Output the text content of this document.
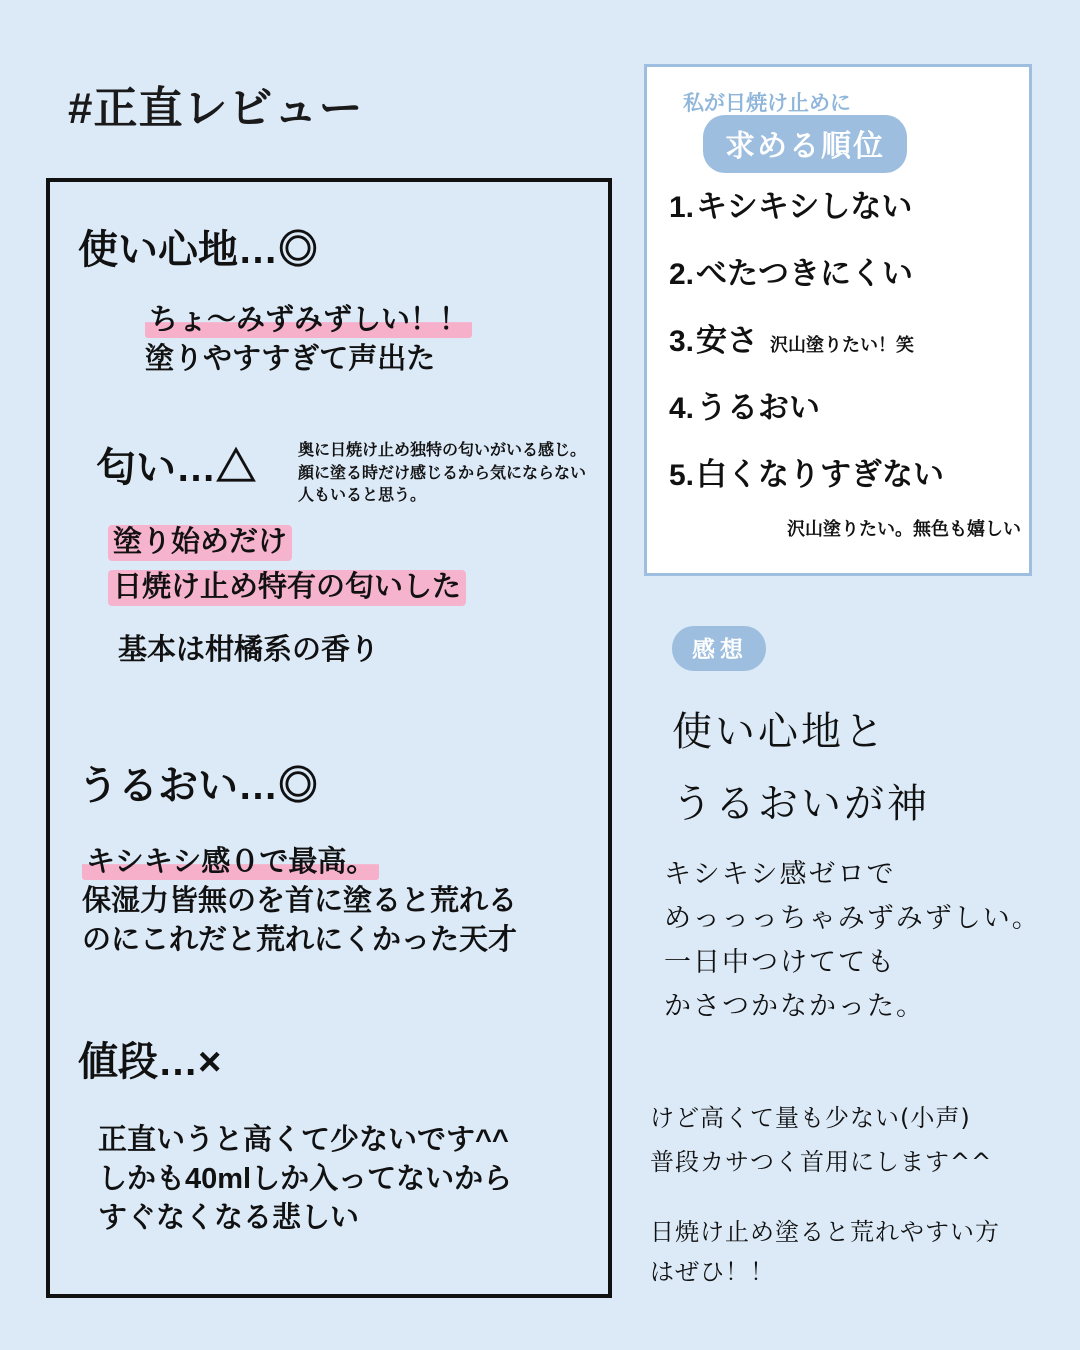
#正直レビュー
使い心地…◎
ちょ〜みずみずしい！！
塗りやすすぎて声出た
匂い…△	奥に日焼け止め独特の匂いがいる感じ。顔に塗る時だけ感じるから気にならない人もいると思う。
塗り始めだけ
日焼け止め特有の匂いした
基本は柑橘系の香り
うるおい…◎
キシキシ感０で最高。
保湿力皆無のを首に塗ると荒れる
のにこれだと荒れにくかった天才
値段…×
正直いうと高くて少ないです^^
しかも40mlしか入ってないから
すぐなくなる悲しい
私が日焼け止めに
求める順位
1. キシキシしない
2. べたつきにくい
3. 安さ 沢山塗りたい！笑
4. うるおい
5. 白くなりすぎない
沢山塗りたい。無色も嬉しい
感想
使い心地と
うるおいが神
キシキシ感ゼロで
めっっっちゃみずみずしい。
一日中つけてても
かさつかなかった。
けど高くて量も少ない(小声)
普段カサつく首用にします^^
日焼け止め塗ると荒れやすい方
はぜひ！！
